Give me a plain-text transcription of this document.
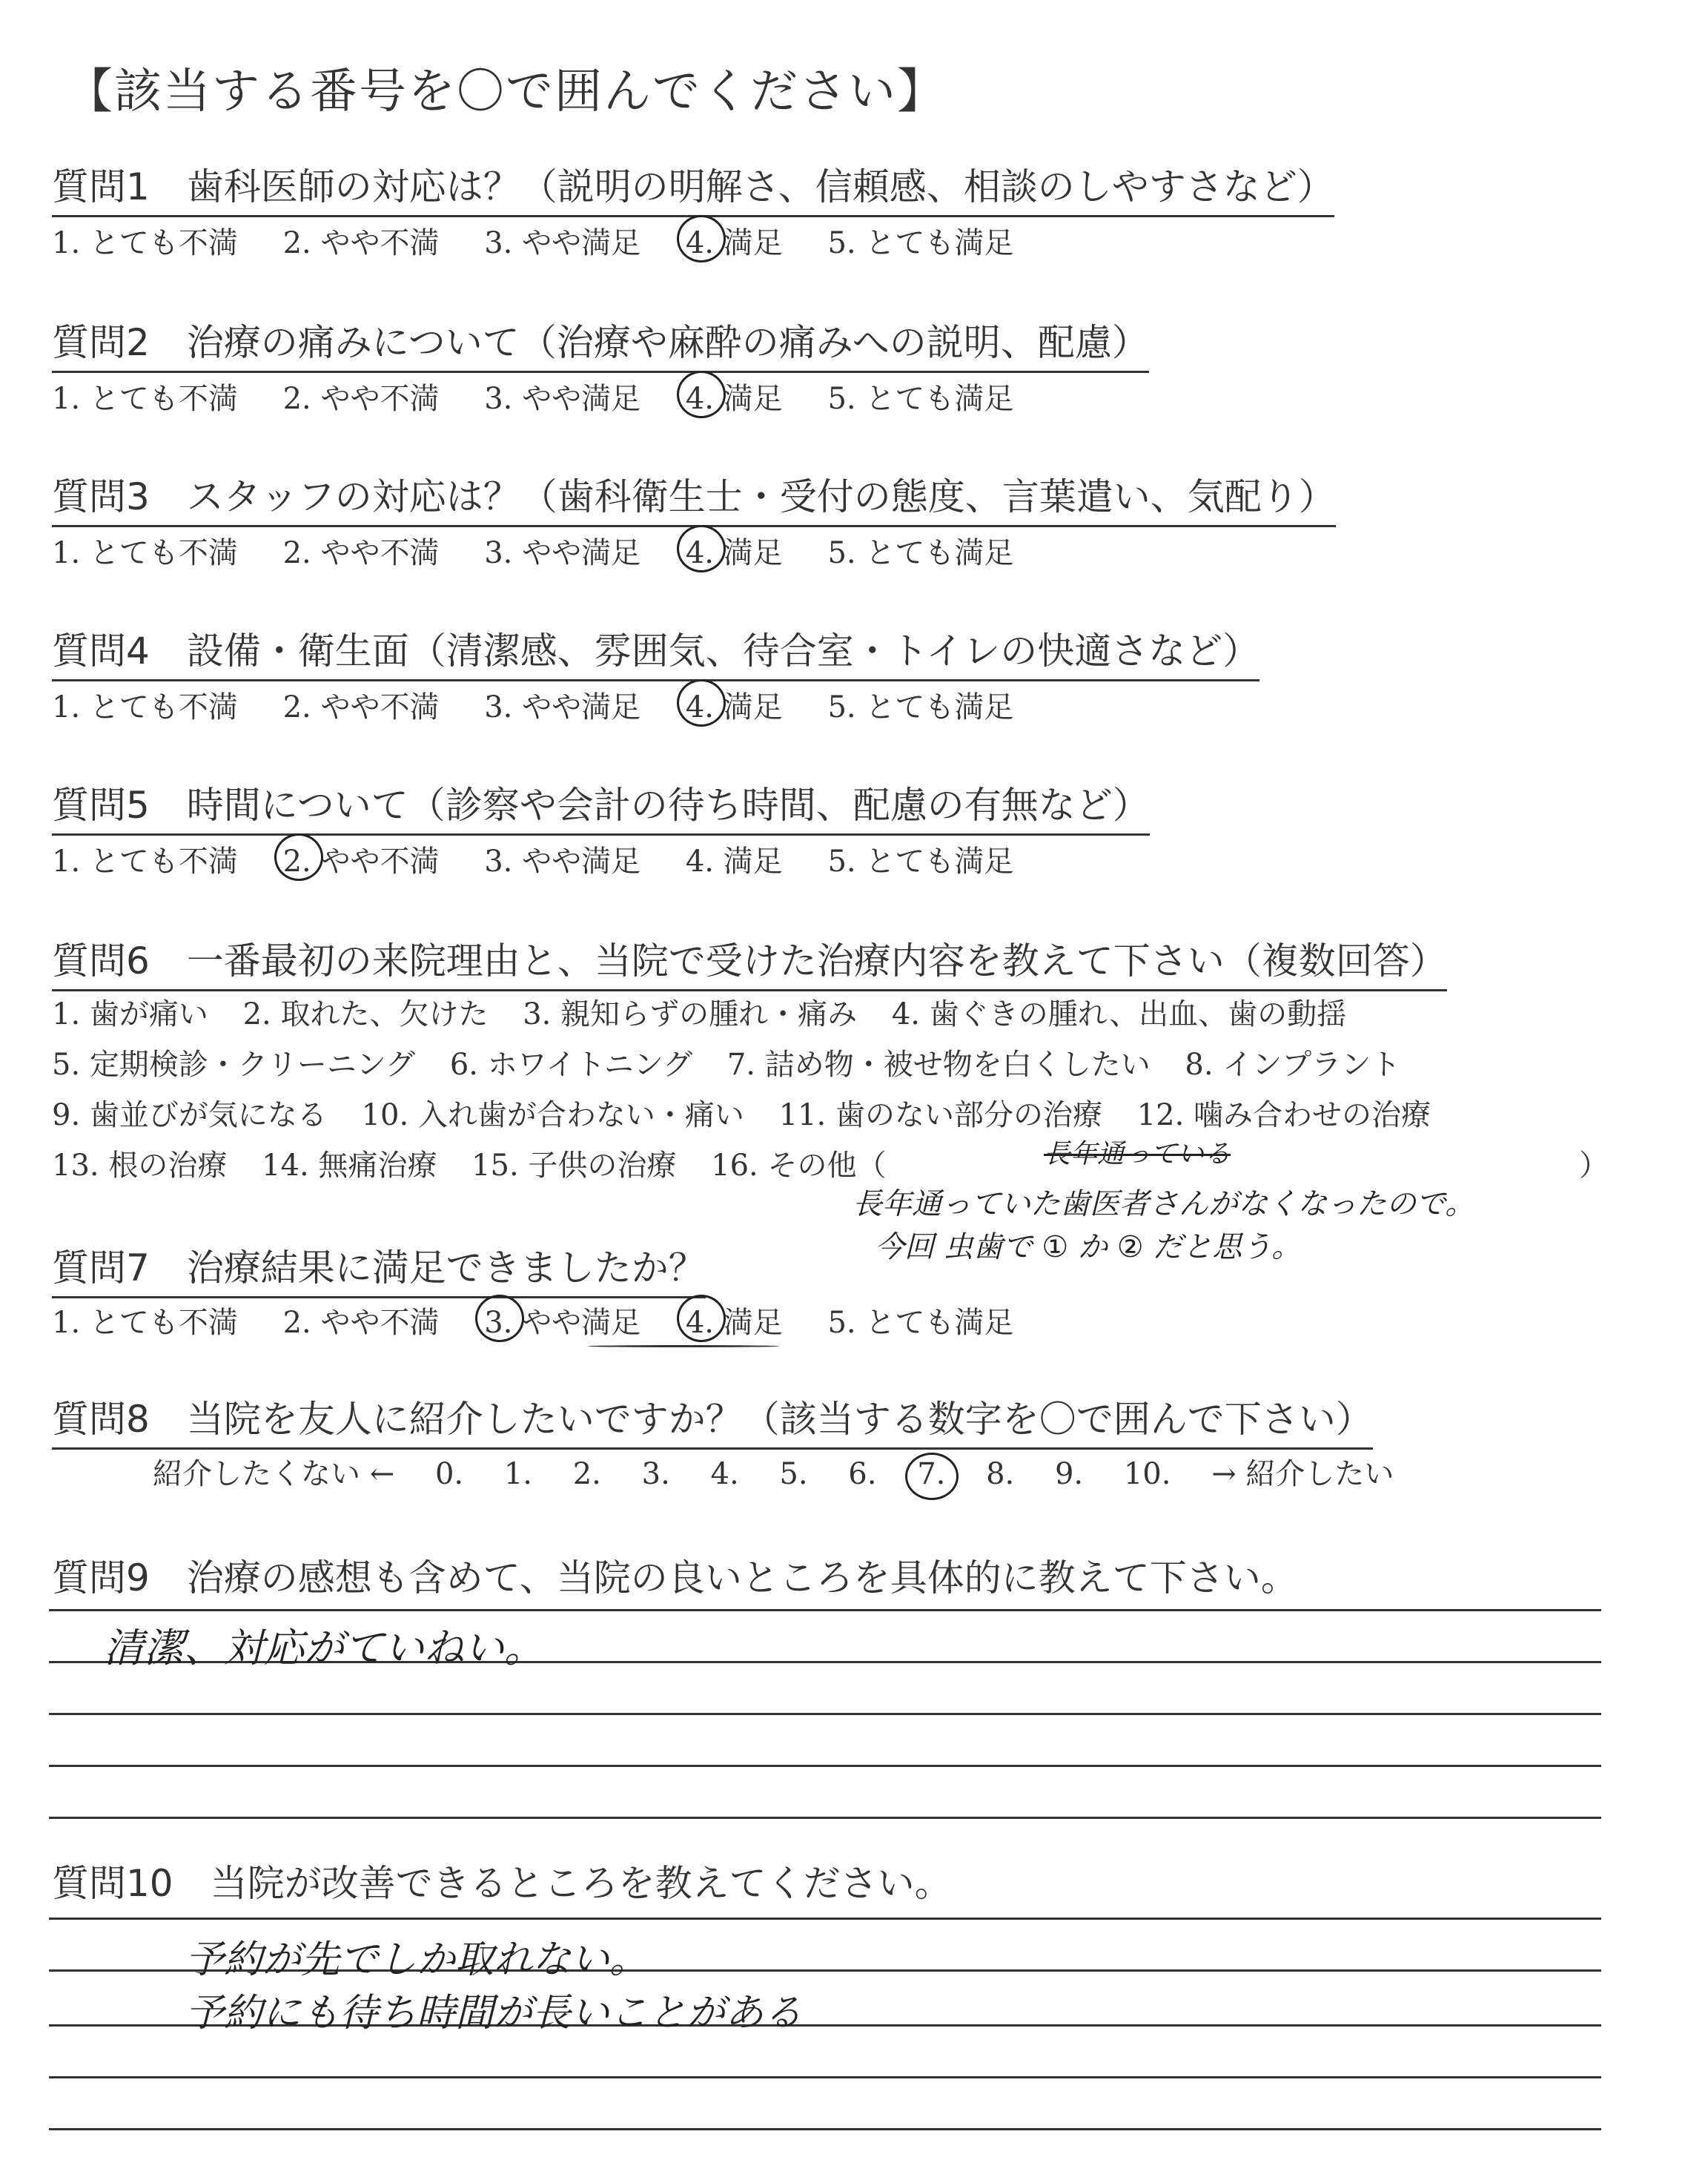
【該当する番号を〇で囲んでください】
質問1　歯科医師の対応は？（説明の明解さ、信頼感、相談のしやすさなど）
1. とても不満 2. やや不満 3. やや満足 4. 満足 5. とても満足
質問2　治療の痛みについて（治療や麻酔の痛みへの説明、配慮）
1. とても不満 2. やや不満 3. やや満足 4. 満足 5. とても満足
質問3　スタッフの対応は？（歯科衛生士・受付の態度、言葉遣い、気配り）
1. とても不満 2. やや不満 3. やや満足 4. 満足 5. とても満足
質問4　設備・衛生面（清潔感、雰囲気、待合室・トイレの快適さなど）
1. とても不満 2. やや不満 3. やや満足 4. 満足 5. とても満足
質問5　時間について（診察や会計の待ち時間、配慮の有無など）
1. とても不満 2. やや不満 3. やや満足 4. 満足 5. とても満足
質問6　一番最初の来院理由と、当院で受けた治療内容を教えて下さい（複数回答）
1. 歯が痛い 2. 取れた、欠けた 3. 親知らずの腫れ・痛み 4. 歯ぐきの腫れ、出血、歯の動揺
5. 定期検診・クリーニング 6. ホワイトニング 7. 詰め物・被せ物を白くしたい 8. インプラント
9. 歯並びが気になる 10. 入れ歯が合わない・痛い 11. 歯のない部分の治療 12. 噛み合わせの治療
13. 根の治療 14. 無痛治療 15. 子供の治療 16. その他（	長年通っている	）
長年通っていた歯医者さんがなくなったので。
今回 虫歯で ① か ② だと思う。
質問7　治療結果に満足できましたか？
1. とても不満 2. やや不満 3. やや満足 4. 満足 5. とても満足
質問8　当院を友人に紹介したいですか？（該当する数字を〇で囲んで下さい）
紹介したくない ← 0. 1. 2. 3. 4. 5. 6. 7. 8. 9. 10. → 紹介したい
質問9　治療の感想も含めて、当院の良いところを具体的に教えて下さい。
清潔、対応がていねい。
質問10　当院が改善できるところを教えてください。
予約が先でしか取れない。
予約にも待ち時間が長いことがある
